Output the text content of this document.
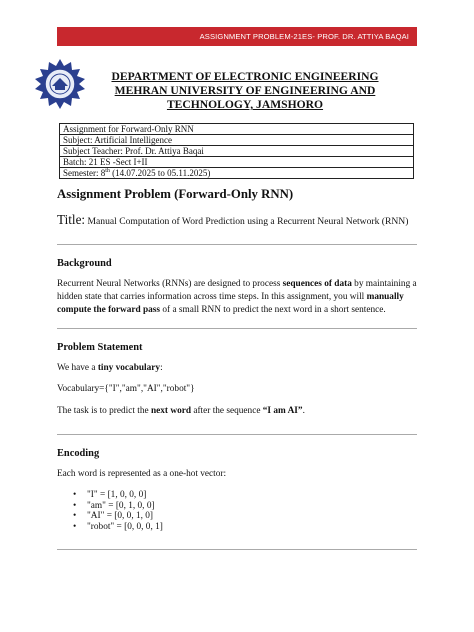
ASSIGNMENT PROBLEM-21ES- PROF. DR. ATTIYA BAQAI
DEPARTMENT OF ELECTRONIC ENGINEERING
MEHRAN UNIVERSITY OF ENGINEERING AND
TECHNOLOGY, JAMSHORO
Assignment for Forward-Only RNN
Subject: Artificial Intelligence
Subject Teacher: Prof. Dr. Attiya Baqai
Batch: 21 ES -Sect I+II
Semester: 8th (14.07.2025 to 05.11.2025)
Assignment Problem (Forward-Only RNN)
Title: Manual Computation of Word Prediction using a Recurrent Neural Network (RNN)
Background
Recurrent Neural Networks (RNNs) are designed to process sequences of data by maintaining a hidden state that carries information across time steps. In this assignment, you will manually compute the forward pass of a small RNN to predict the next word in a short sentence.
Problem Statement
We have a tiny vocabulary:
Vocabulary={"I","am","AI","robot"}
The task is to predict the next word after the sequence “I am AI”.
Encoding
Each word is represented as a one-hot vector:
• "I" = [1, 0, 0, 0]
• "am" = [0, 1, 0, 0]
• "AI" = [0, 0, 1, 0]
• "robot" = [0, 0, 0, 1]
